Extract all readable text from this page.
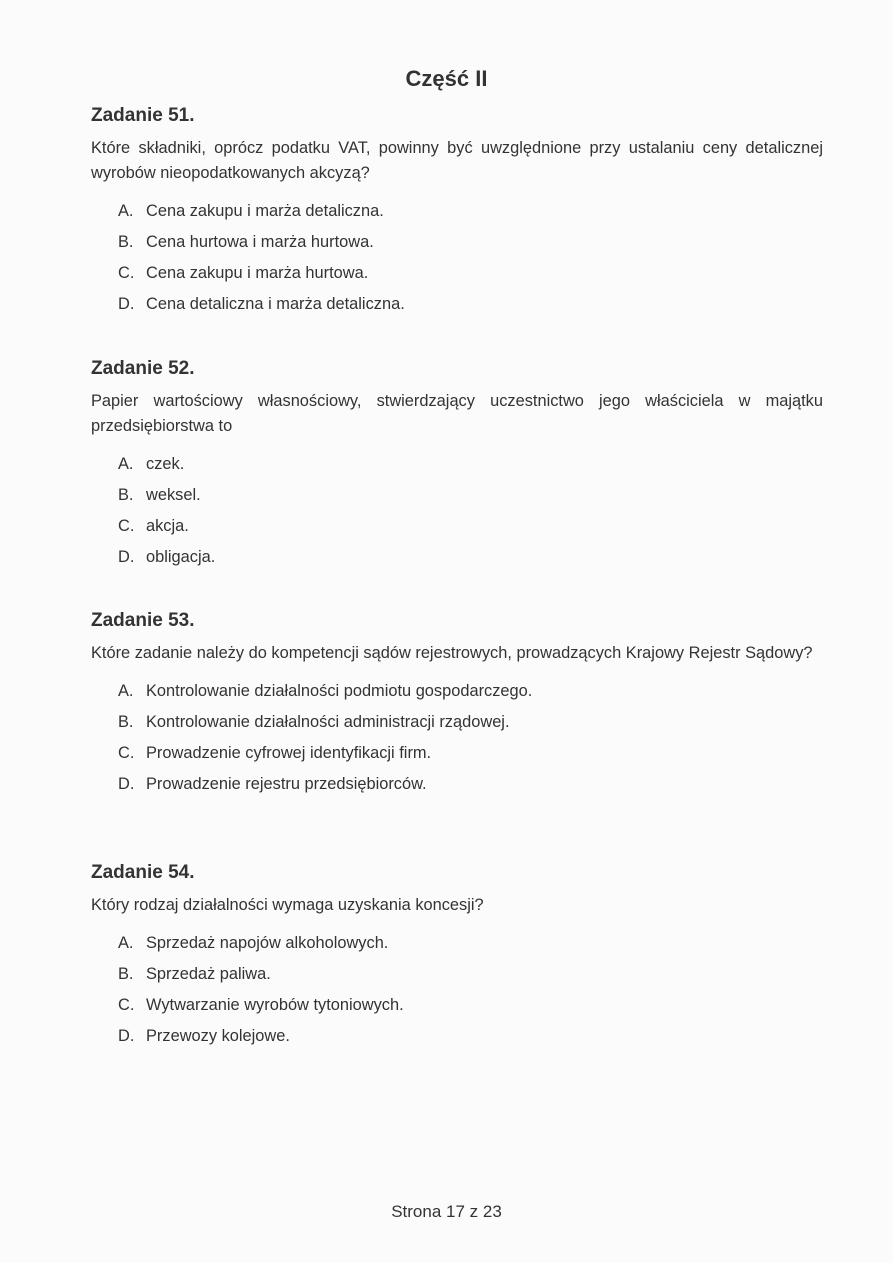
Część II
Zadanie 51.

Które składniki, oprócz podatku VAT, powinny być uwzględnione przy ustalaniu ceny detalicznej wyrobów nieopodatkowanych akcyzą?

A. Cena zakupu i marża detaliczna.
B. Cena hurtowa i marża hurtowa.
C. Cena zakupu i marża hurtowa.
D. Cena detaliczna i marża detaliczna.
Zadanie 52.

Papier wartościowy własnościowy, stwierdzający uczestnictwo jego właściciela w majątku przedsiębiorstwa to

A. czek.
B. weksel.
C. akcja.
D. obligacja.
Zadanie 53.

Które zadanie należy do kompetencji sądów rejestrowych, prowadzących Krajowy Rejestr Sądowy?

A. Kontrolowanie działalności podmiotu gospodarczego.
B. Kontrolowanie działalności administracji rządowej.
C. Prowadzenie cyfrowej identyfikacji firm.
D. Prowadzenie rejestru przedsiębiorców.
Zadanie 54.

Który rodzaj działalności wymaga uzyskania koncesji?

A. Sprzedaż napojów alkoholowych.
B. Sprzedaż paliwa.
C. Wytwarzanie wyrobów tytoniowych.
D. Przewozy kolejowe.
Strona 17 z 23
